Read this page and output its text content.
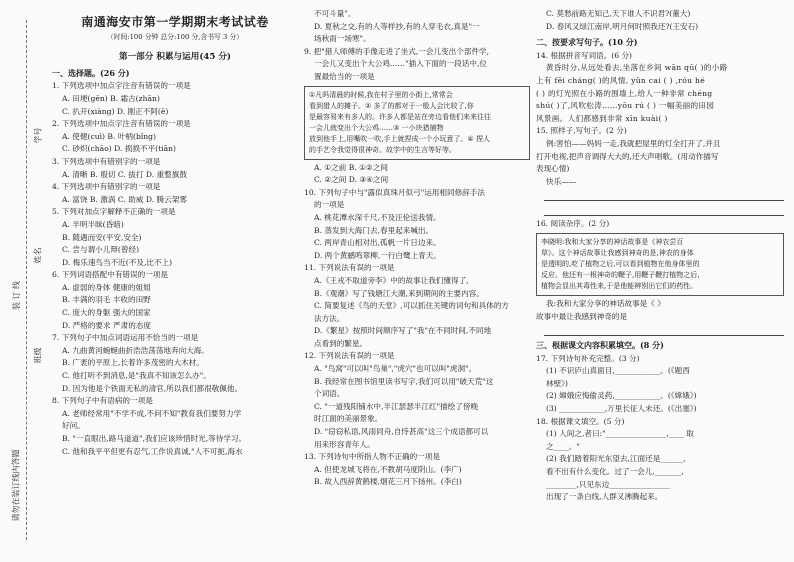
学号
姓名
班级
装 订 线
请勿在装订线内答题
南通海安市第一学期期末考试试卷
（时间:100 分钟 总分:100 分,含书写 3 分）
第一部分 积累与运用(45 分)
一、选择题。(26 分)

1. 下列选项中加点字注音有错误的一项是

A. 田埂(gěn) B. 霜古(zhān)

C. 扒开(xiàng) D. 刚正不阿(ē)

2. 下列选项中加点字注音有错误的一项是

A. 使健(cuì) B. 叶柄(bǐng)

C. 砂炽(chāo) D. 损损不平(tiān)

3. 下列选项中有错别字的一项是

A. 清晰 B. 殷切 C. 拔打 D. 重整旗鼓

4. 下列选项中有错别字的一项是

A. 富饶 B. 激涡 C. 助威 D. 腾云架雾

5. 下列对加点字解释不正确的一项是

A. 半明半昧(昏暗)

B. 随遇而安(平安,安全)

C. 尝与谓小儿辩(曾经)

D. 梅乐速鸟当不近(不及,比不上)

6. 下列词语搭配中有错误的一项是

A. 虚弱的身体 健康的姐姐

B. 丰满的羽毛 丰收的田野

C. 庞大的身躯 强大的国家

D. 严格的要求 严肃的态度

7. 下列句子中加点词语运用不恰当的一项是

A. 九曲黄河蜿蜒曲折浩浩荡荡地奔向大海。

B. 广袤的平原上,长着许多茂密的大木材。

C. 他打听不到消息,是"我真不知该怎么办"。

D. 因为他是个铁面无私的清官,所以我们都很敬佩他。

8. 下列句子中有语病的一项是

A. 老师经常用"不学不成,不问不知"教育我们要努力学

好问。

B. "一直眼出,路马道道",我们应该珍惜时光,等待学习。

C. 他和我平平但更有忍气,工作说真诚,"人不可扼,海水

不可斗量"。

D. 夏秋之交,有的人等样抄,有的人穿毛衣,真是"一

场秋雨一场寒"。

9. 把"猎人师傅的手像走进了坐式,一会儿变出个部件学,

一会儿又变出个大公鸡……"插入下面的一段话中,位

置最恰当的一项是

①凡吗清晨的时候,我在村子里的小街上,常常会
看到猎人的摊子。② 多了的都对于一般人会比较了,你
是最容易来有多人的。许多人都是站在旁边看他们来来往往
一会儿就变出个大公鸡……③ 一小块猎捕物
放到他手上,用嘴吹一吹,手上就捏成一个小玩意了。④ 捏人
的手艺令我觉得很神奇。故学中的生言等好等。

A. ①之前 B. ①②之间

C. ②之间 D. ③④之间

10. 下列句子中与"露似真珠月似弓"运用相同修辞手法

的一项是

A. 桃花潭水深千尺,不及汪伦送我情。

B. 蒸发到大海门去,春里起来喊出。

C. 两岸青山相对出,孤帆一片日边来。

D. 两个黄鹂鸣翠柳,一行白鹭上青天。

11. 下列说法有误的一项是

A.《王戎不取道旁李》中的故事让我们懂得了,

B.《观潮》写了钱塘江大潮,来到期间的主要内容。

C. 简要复述《鸟的天堂》,可以抓住关键的词句和具体的方

法方法。

D.《繁星》按照时间顺序写了"我"在不同时间,不同地

点看到的繁星。

12. 下列说法有误的一项是

A. "鸟窝"可以叫"鸟巢","虎穴"也可以叫"虎洞"。

B. 我经常在图书馆里读书写字,我们可以用"破天荒"这

个词语。

C. "一道残阳铺水中,半江瑟瑟半江红"描绘了傍晚

时江面的美丽景象。

D. "窃窃私语,风雨同舟,自恃甚高"这三个成语都可以

用来形容青年人。

13. 下列诗句中所指人物不正确的一项是

A. 但使龙城飞将在,不教胡马度阴山。(李广)

B. 故人西辞黄鹤楼,烟花三月下扬州。(李白)

C. 莫愁前路无知己,天下谁人不识君?(董大)

D. 春风又绿江南岸,明月何时照我还?(王安石)

二、按要求写句子。(10 分)

14. 根据拼音写词语。(6 分)

黄昏时分,从远处看去,坐落在乡间 wān qū( )的小路

上有 fēi cháng( )的风情, yǔn cai ( ) ,róu hé

( ) 的灯光照在小路的围墙上,给人一种非常 chéng

shú( )了,风吹松涛……yōu rú ( ) 一幅美丽的田园

风景画。人们都感到非常 xīn kuài( )

15. 照样子,写句子。(2 分)

例:害怕——妈妈一走,我就把屋里的灯全打开了,并且

打开电视,把声音调得大大的,还大声唱歌。(用动作描写

表现心情)

快乐——

16. 阅读杂序。(2 分)

李晓明:我和大家分享的神话故事是《神农尝百
草》。这个神话故事让我感到神奇的是,神农的身体
是透明的,吃了植物之后,可以看到植物在他身体里的
反应。他还有一根神奇的鞭子,用鞭子鞭打植物之后,
植物会显出其毒性来,于是他能辨别出它们的药性。

我:我和大家分享的神话故事是《 》

故事中最让我感到神奇的是

三、根据课文内容积累填空。(8 分)

17. 下列诗句补充完整。(3 分)

(1) 不识庐山真面目,____________。(《题西

林壁》)

(2) 嫦娥应悔偷灵药,____________。(《嫦娥》)

(3) ____________,万里长征人未还。(《出塞》)

18. 根据课文填空。(5 分)

(1) 人间之,者曰:"________________,____ 取

之____。"

(2) 我们踏着阳光东望去,江面还是______,

看不出有什么变化。过了一会儿,_______,

________,只见东边________________

出现了一条白线,人群又沸腾起来。
